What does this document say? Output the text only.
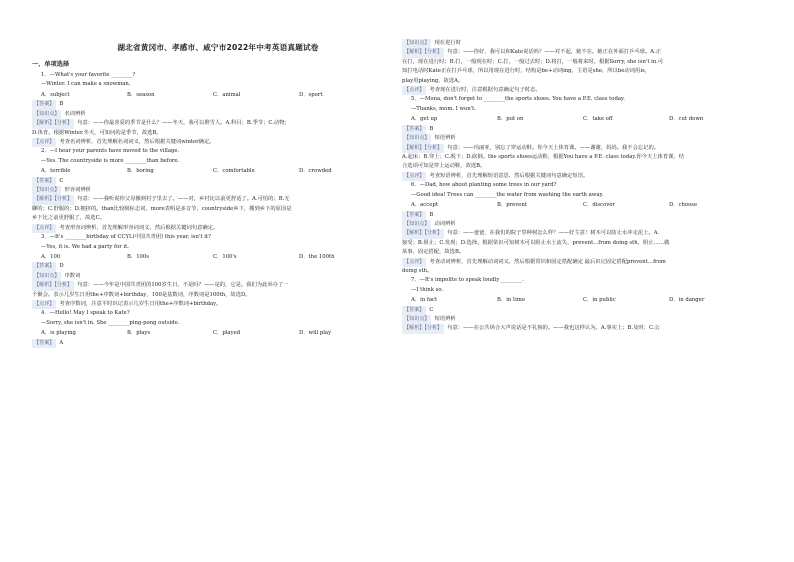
湖北省黄冈市、孝感市、咸宁市2022年中考英语真题试卷
一、单项选择
1．—What's your favorite ________?
—Winter. I can make a snowman.
A．subject	B．season	C．animal	D．sport
【答案】 B
【知识点】 名词辨析
【解析】【分析】 句意：——你最喜爱的季节是什么？——冬天，我可以堆雪人。A.科目；B.季节；C.动物；
D.体育。根据Winter.冬天，可知问的是季节，故选B。
【点评】 考查名词辨析，首先理解名词词义，然后根据关键词winter确定。
2．—I hear your parents have moved to the village.
—Yes. The countryside is more ________than before.
A．terrible	B．boring	C．comfortable	D．crowded
【答案】 C
【知识点】 形容词辨析
【解析】【分析】 句意：——我听说你父母搬到村子里去了。——对，乡村比以前更舒适了。A.可怕的；B.无
聊的；C.舒服的；D.拥挤的。than比较级标志词，more表明是多音节，countryside乡下，搬到乡下的原因是
乡下比之前更舒服了，故选C。
【点评】 考查形容词辨析，首先理解形容词词义，然后根据关键词句意确定。
3．—It's ________birthday of CCYL(中国共青团) this year, isn't it?
—Yes, it is. We had a party for it.
A．100	B．100s	C．100's	D．the 100th
【答案】 D
【知识点】 序数词
【解析】【分析】 句意：——今年是中国共青团的100岁生日，不是吗？——是的，它是。我们为此举办了一
个聚会。表示几岁生日用the+序数词+birthday，100是基数词，序数词是100th，故选D。
【点评】 考查序数词，注意平时识记表示几岁生日用the+序数词+birthday。
4．—Hello! May I speak to Kate?
—Sorry, she isn't in. She ________ping-pong outside.
A．is playing	B．plays	C．played	D．will play
【答案】 A
【知识点】 现在进行时
【解析】【分析】 句意：——你好，我可以和Kate说话吗？——对不起，她不在。她正在外面打乒乓球。A.正
在打，现在进行时；B.打，一般现在时；C.打，一般过去时；D.将打，一般将来时。根据Sorry, she isn't in.可
知打电话时Kate正在打乒乓球，所以用现在进行时，结构是be+动词ing，主语是she，所以be动词用is，
play用playing，故选A。
【点评】 考查现在进行时，注意根据句意确定句子时态。
5．—Mona, don't forget to ________the sports shoes. You have a P.E. class today.
—Thanks, mom. I won't.
A．get up	B．put on	C．take off	D．cut down
【答案】 B
【知识点】 短语辨析
【解析】【分析】 句意：——玛丽亚，别忘了穿运动鞋。你今天上体育课。——谢谢，妈妈。我不会忘记的。
A.起床；B.穿上；C.脱下；D.砍倒。the sports shoes运动鞋，根据You have a P.E. class today.你今天上体育课，结
合选项可知是穿上运动鞋，故选B。
【点评】 考查短语辨析，首先理解短语意思，然后根据关键词句意确定短语。
6．—Dad, how about planting some trees in our yard?
—Good idea! Trees can ________the water from washing the earth away.
A．accept	B．prevent	C．discover	D．choose
【答案】 B
【知识点】 动词辨析
【解析】【分析】 句意：——爸爸，在我们的院子里种树怎么样？——好主意！树木可以防止水冲走泥土。A.
接受；B.阻止；C.发现；D.选择。根据常识可知树木可以阻止水土流失，prevent...from doing sth，阻止……做
某事，固定搭配，故选B。
【点评】 考查动词辨析，首先理解动词词义，然后根据常识和固定搭配确定 最后识记固定搭配prevent…from
doing sth。
7．—It's impolite to speak loudly ________.
—I think so.
A．in fact	B．in time	C．in public	D．in danger
【答案】 C
【知识点】 短语辨析
【解析】【分析】 句意：——在公共场合大声说话是不礼貌的。——我也这样认为。A.事实上；B.及时；C.公
